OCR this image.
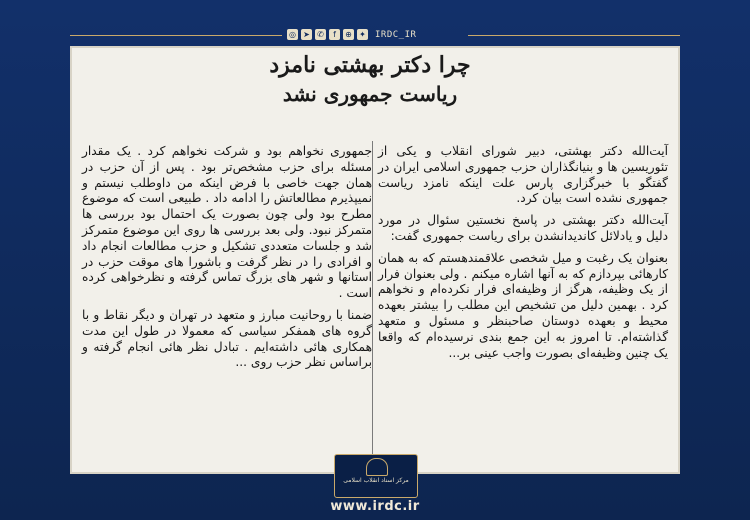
◎ ➤ ✆	f	⊕ ✦ IRDC_IR
چرا دکتر بهشتی نامزد
ریاست جمهوری نشد

آیت‌الله دکتر بهشتی، دبیر شورای انقلاب و یکی از تئوریسین ها و بنیانگذاران حزب جمهوری اسلامی ایران در گفتگو با خبرگزاری پارس علت اینکه نامزد ریاست جمهوری نشده است بیان کرد.

آیت‌الله دکتر بهشتی در پاسخ نخستین سئوال در مورد دلیل و یادلائل کاندیدانشدن برای ریاست جمهوری گفت:

بعنوان یک رغبت و میل شخصی علاقمندهستم که به همان کارهائی بپردازم که به آنها اشاره میکنم . ولی بعنوان فرار از یک وظیفه، هرگز از وظیفه‌ای فرار نکرده‌ام و نخواهم کرد . بهمین دلیل من تشخیص این مطلب را بیشتر بعهده محیط و بعهده دوستان صاحبنظر و مسئول و متعهد گذاشته‌ام. تا امروز به این جمع بندی نرسیده‌ام که واقعا یک چنین وظیفه‌ای بصورت واجب عینی بر...

جمهوری نخواهم بود و شرکت نخواهم کرد . یک مقدار مسئله برای حزب مشخص‌تر بود . پس از آن حزب در همان جهت خاصی با فرض اینکه من داوطلب نیستم و نمیپذیرم مطالعاتش را ادامه داد . طبیعی است که موضوع مطرح بود ولی چون بصورت یک احتمال بود بررسی ها متمرکز نبود. ولی بعد بررسی ها روی این موضوع متمرکز شد و جلسات متعددی تشکیل و حزب مطالعات انجام داد و افرادی را در نظر گرفت و باشورا های موقت حزب در استانها و شهر های بزرگ تماس گرفته و نظرخواهی کرده است .

ضمنا با روحانیت مبارز و متعهد در تهران و دیگر نقاط و با گروه های همفکر سیاسی که معمولا در طول این مدت همکاری هائی داشته‌ایم . تبادل نظر هائی انجام گرفته و براساس نظر حزب روی ...

مرکز اسناد انقلاب اسلامی
www.irdc.ir
